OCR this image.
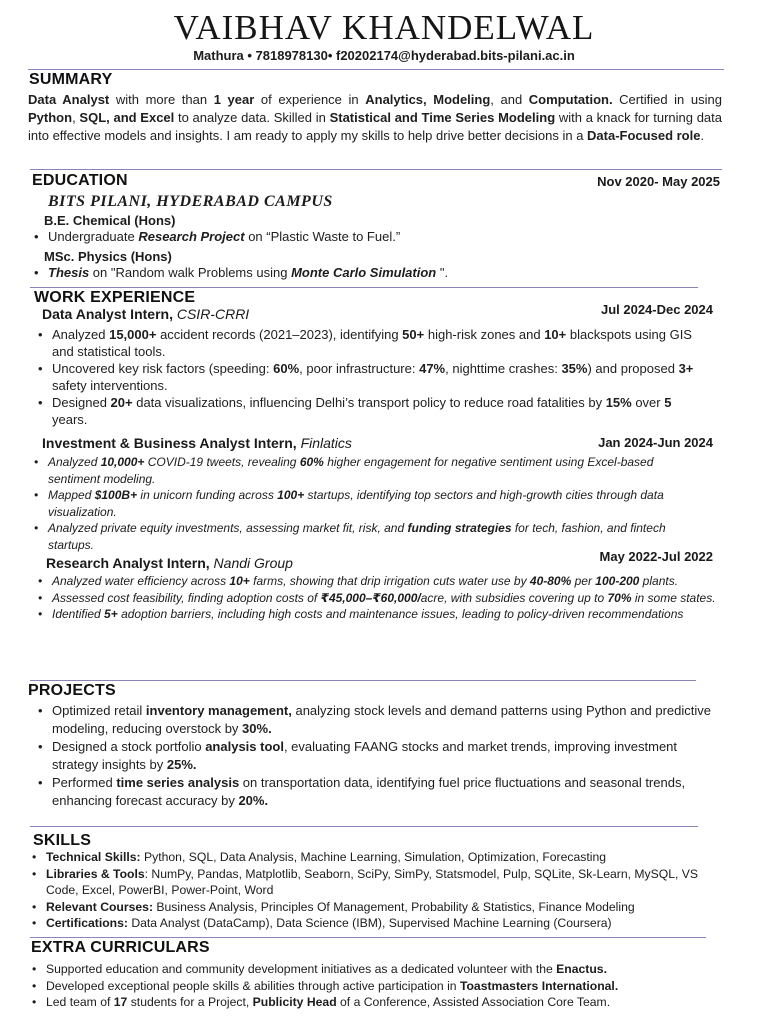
VAIBHAV KHANDELWAL
Mathura • 7818978130• f20202174@hyderabad.bits-pilani.ac.in
SUMMARY
Data Analyst with more than 1 year of experience in Analytics, Modeling, and Computation. Certified in using Python, SQL, and Excel to analyze data. Skilled in Statistical and Time Series Modeling with a knack for turning data into effective models and insights. I am ready to apply my skills to help drive better decisions in a Data-Focused role.
EDUCATION	Nov 2020- May 2025
BITS PILANI, HYDERABAD CAMPUS
B.E. Chemical (Hons)
• Undergraduate Research Project on “Plastic Waste to Fuel.”
MSc. Physics (Hons)
• Thesis on "Random walk Problems using Monte Carlo Simulation ".
WORK EXPERIENCE
Data Analyst Intern, CSIR-CRRI	Jul 2024-Dec 2024
• Analyzed 15,000+ accident records (2021–2023), identifying 50+ high-risk zones and 10+ blackspots using GIS and statistical tools.
• Uncovered key risk factors (speeding: 60%, poor infrastructure: 47%, nighttime crashes: 35%) and proposed 3+ safety interventions.
• Designed 20+ data visualizations, influencing Delhi’s transport policy to reduce road fatalities by 15% over 5 years.
Investment & Business Analyst Intern, Finlatics	Jan 2024-Jun 2024
• Analyzed 10,000+ COVID-19 tweets, revealing 60% higher engagement for negative sentiment using Excel-based sentiment modeling.
• Mapped $100B+ in unicorn funding across 100+ startups, identifying top sectors and high-growth cities through data visualization.
• Analyzed private equity investments, assessing market fit, risk, and funding strategies for tech, fashion, and fintech startups.
Research Analyst Intern, Nandi Group	May 2022-Jul 2022
• Analyzed water efficiency across 10+ farms, showing that drip irrigation cuts water use by 40-80% per 100-200 plants.
• Assessed cost feasibility, finding adoption costs of ₹45,000–₹60,000/acre, with subsidies covering up to 70% in some states.
• Identified 5+ adoption barriers, including high costs and maintenance issues, leading to policy-driven recommendations
PROJECTS
• Optimized retail inventory management, analyzing stock levels and demand patterns using Python and predictive modeling, reducing overstock by 30%.
• Designed a stock portfolio analysis tool, evaluating FAANG stocks and market trends, improving investment strategy insights by 25%.
• Performed time series analysis on transportation data, identifying fuel price fluctuations and seasonal trends, enhancing forecast accuracy by 20%.
SKILLS
• Technical Skills: Python, SQL, Data Analysis, Machine Learning, Simulation, Optimization, Forecasting
• Libraries & Tools: NumPy, Pandas, Matplotlib, Seaborn, SciPy, SimPy, Statsmodel, Pulp, SQLite, Sk-Learn, MySQL, VS Code, Excel, PowerBI, Power-Point, Word
• Relevant Courses: Business Analysis, Principles Of Management, Probability & Statistics, Finance Modeling
• Certifications: Data Analyst (DataCamp), Data Science (IBM), Supervised Machine Learning (Coursera)
EXTRA CURRICULARS
• Supported education and community development initiatives as a dedicated volunteer with the Enactus.
• Developed exceptional people skills & abilities through active participation in Toastmasters International.
• Led team of 17 students for a Project, Publicity Head of a Conference, Assisted Association Core Team.
